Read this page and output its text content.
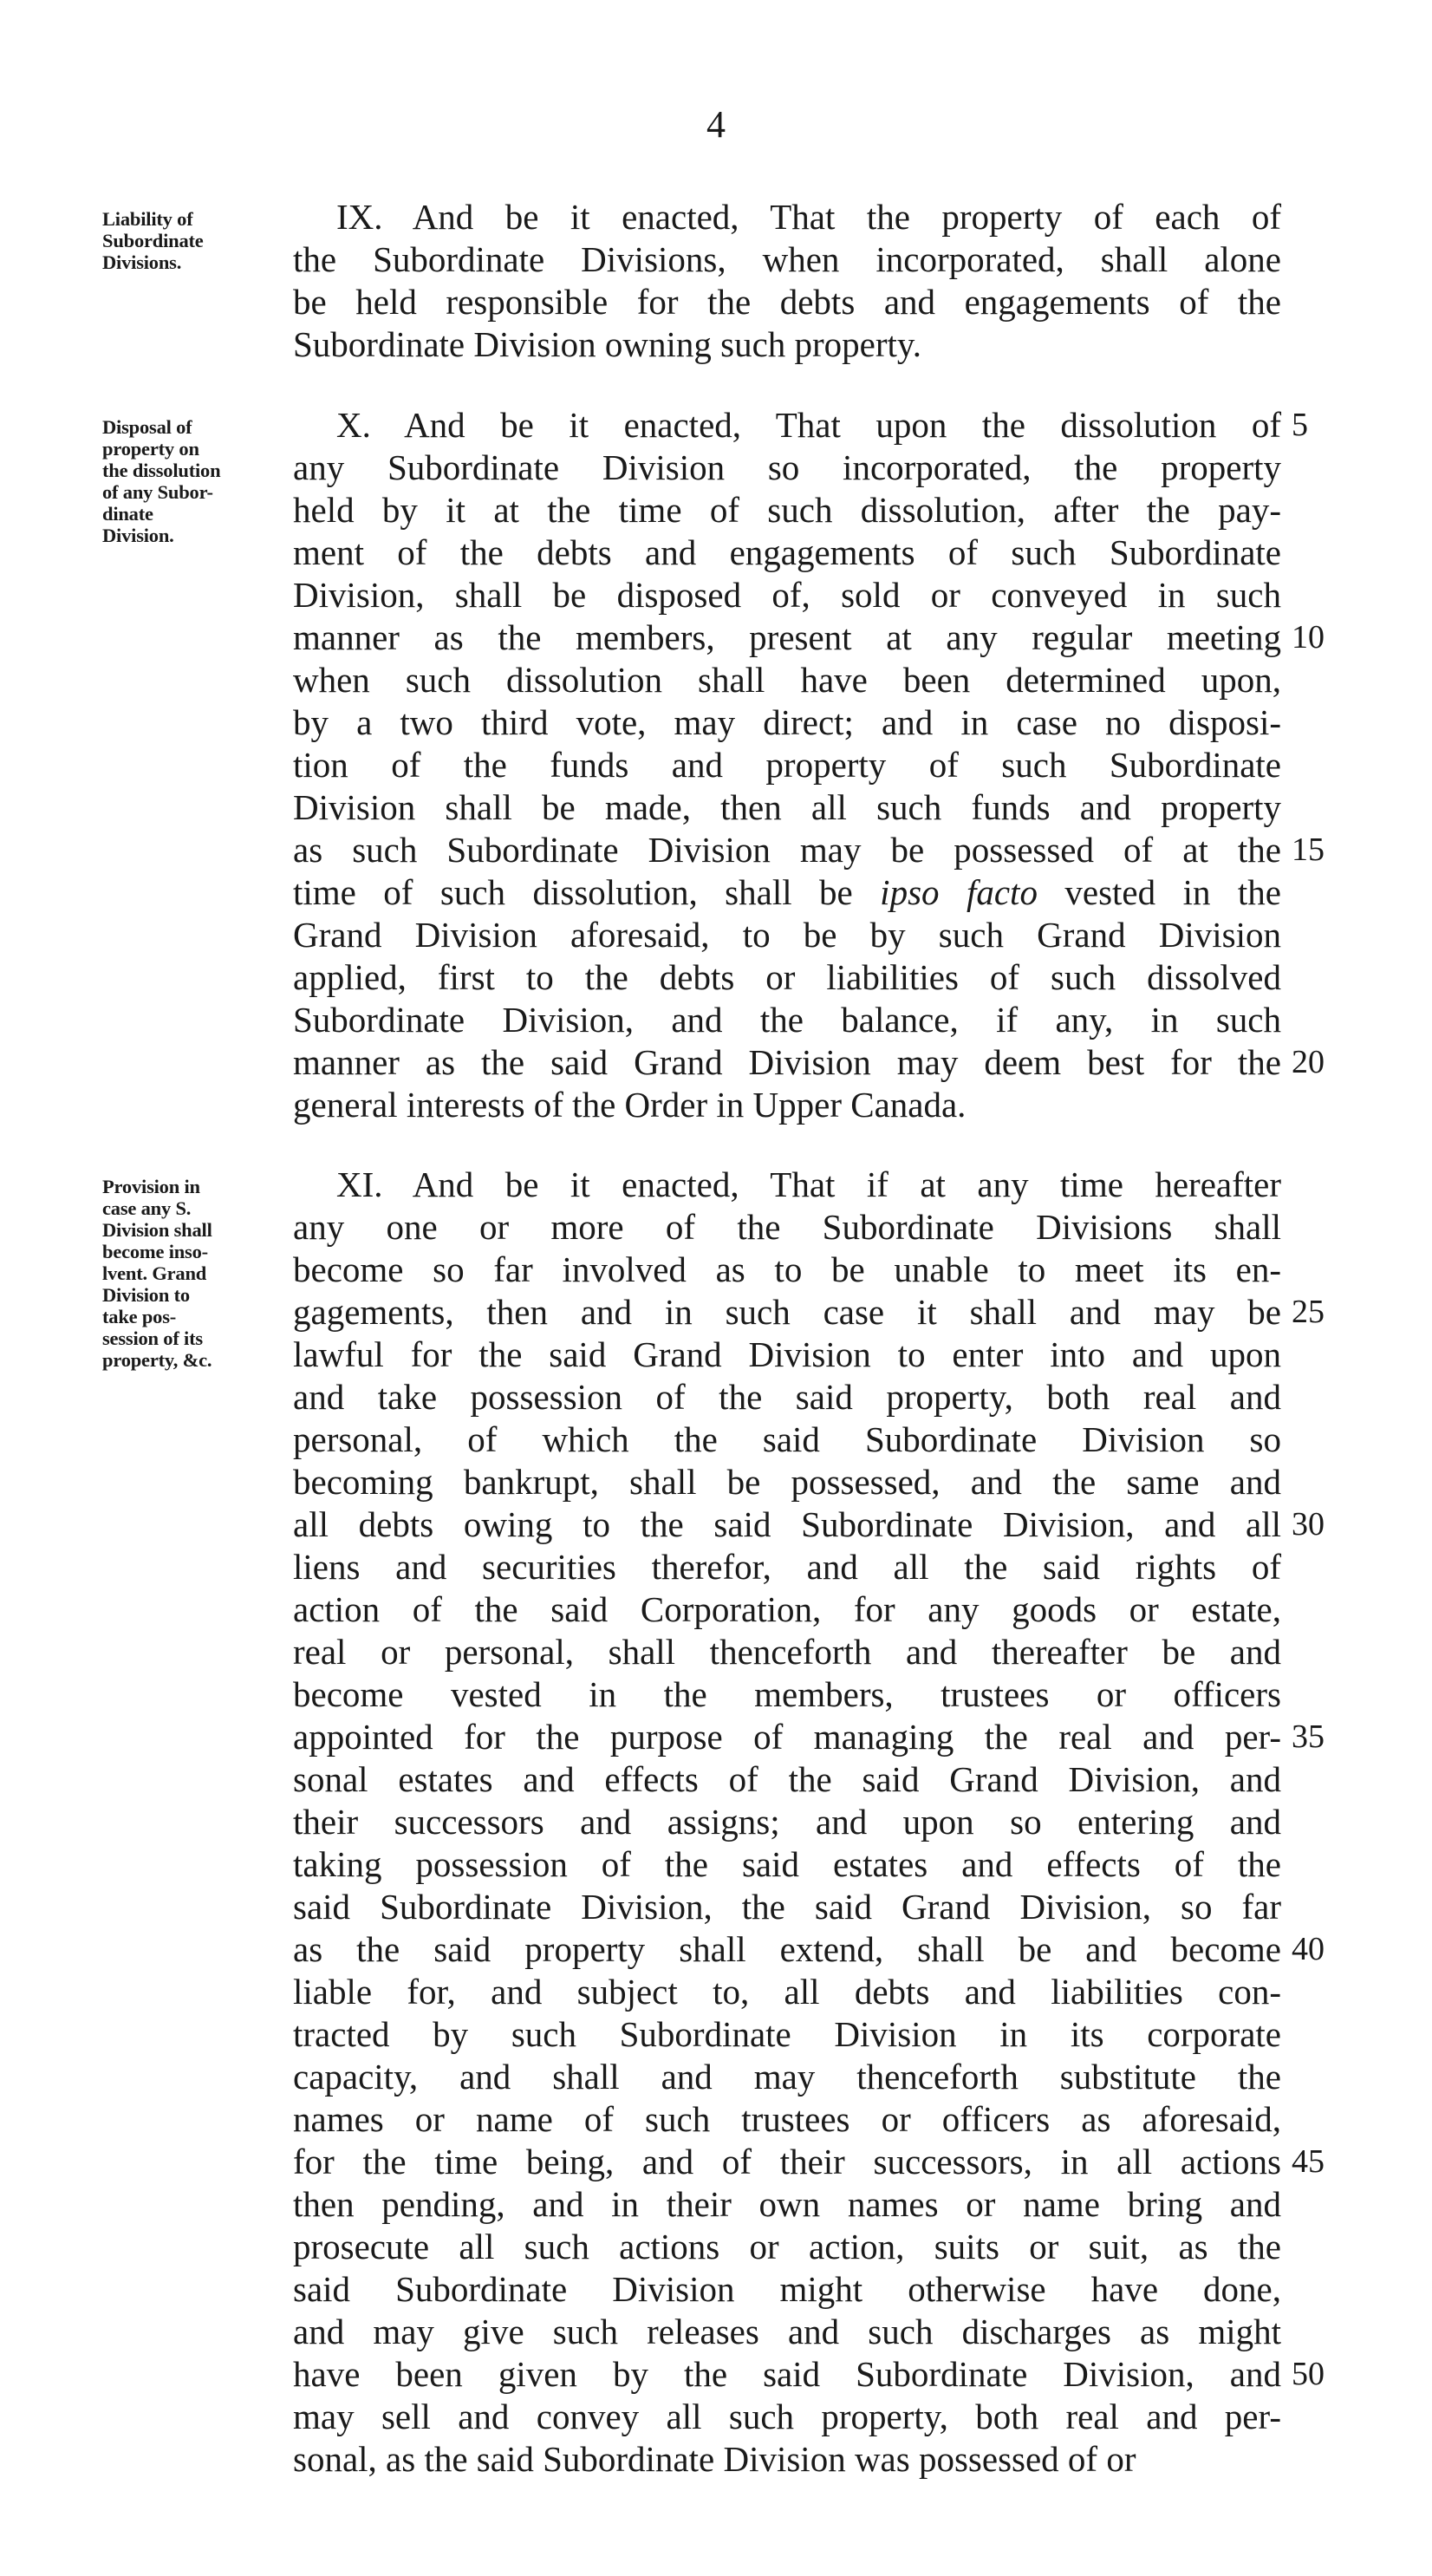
4
Liability of
Subordinate
Divisions.
IX. And be it enacted, That the property of each of
the Subordinate Divisions, when incorporated, shall alone
be held responsible for the debts and engagements of the
Subordinate Division owning such property.
Disposal of
property on
the dissolution
of any Subor-
dinate
Division.
X. And be it enacted, That upon the dissolution of
any Subordinate Division so incorporated, the property
held by it at the time of such dissolution, after the pay-
ment of the debts and engagements of such Subordinate
Division, shall be disposed of, sold or conveyed in such
manner as the members, present at any regular meeting
when such dissolution shall have been determined upon,
by a two third vote, may direct; and in case no disposi-
tion of the funds and property of such Subordinate
Division shall be made, then all such funds and property
as such Subordinate Division may be possessed of at the
time of such dissolution, shall be ipso facto vested in the
Grand Division aforesaid, to be by such Grand Division
applied, first to the debts or liabilities of such dissolved
Subordinate Division, and the balance, if any, in such
manner as the said Grand Division may deem best for the
general interests of the Order in Upper Canada.
5
10
15
20
Provision in
case any S.
Division shall
become inso-
lvent. Grand
Division to
take pos-
session of its
property, &c.
XI. And be it enacted, That if at any time hereafter
any one or more of the Subordinate Divisions shall
become so far involved as to be unable to meet its en-
gagements, then and in such case it shall and may be
lawful for the said Grand Division to enter into and upon
and take possession of the said property, both real and
personal, of which the said Subordinate Division so
becoming bankrupt, shall be possessed, and the same and
all debts owing to the said Subordinate Division, and all
liens and securities therefor, and all the said rights of
action of the said Corporation, for any goods or estate,
real or personal, shall thenceforth and thereafter be and
become vested in the members, trustees or officers
appointed for the purpose of managing the real and per-
sonal estates and effects of the said Grand Division, and
their successors and assigns; and upon so entering and
taking possession of the said estates and effects of the
said Subordinate Division, the said Grand Division, so far
as the said property shall extend, shall be and become
liable for, and subject to, all debts and liabilities con-
tracted by such Subordinate Division in its corporate
capacity, and shall and may thenceforth substitute the
names or name of such trustees or officers as aforesaid,
for the time being, and of their successors, in all actions
then pending, and in their own names or name bring and
prosecute all such actions or action, suits or suit, as the
said Subordinate Division might otherwise have done,
and may give such releases and such discharges as might
have been given by the said Subordinate Division, and
may sell and convey all such property, both real and per-
sonal, as the said Subordinate Division was possessed of or
25
30
35
40
45
50
